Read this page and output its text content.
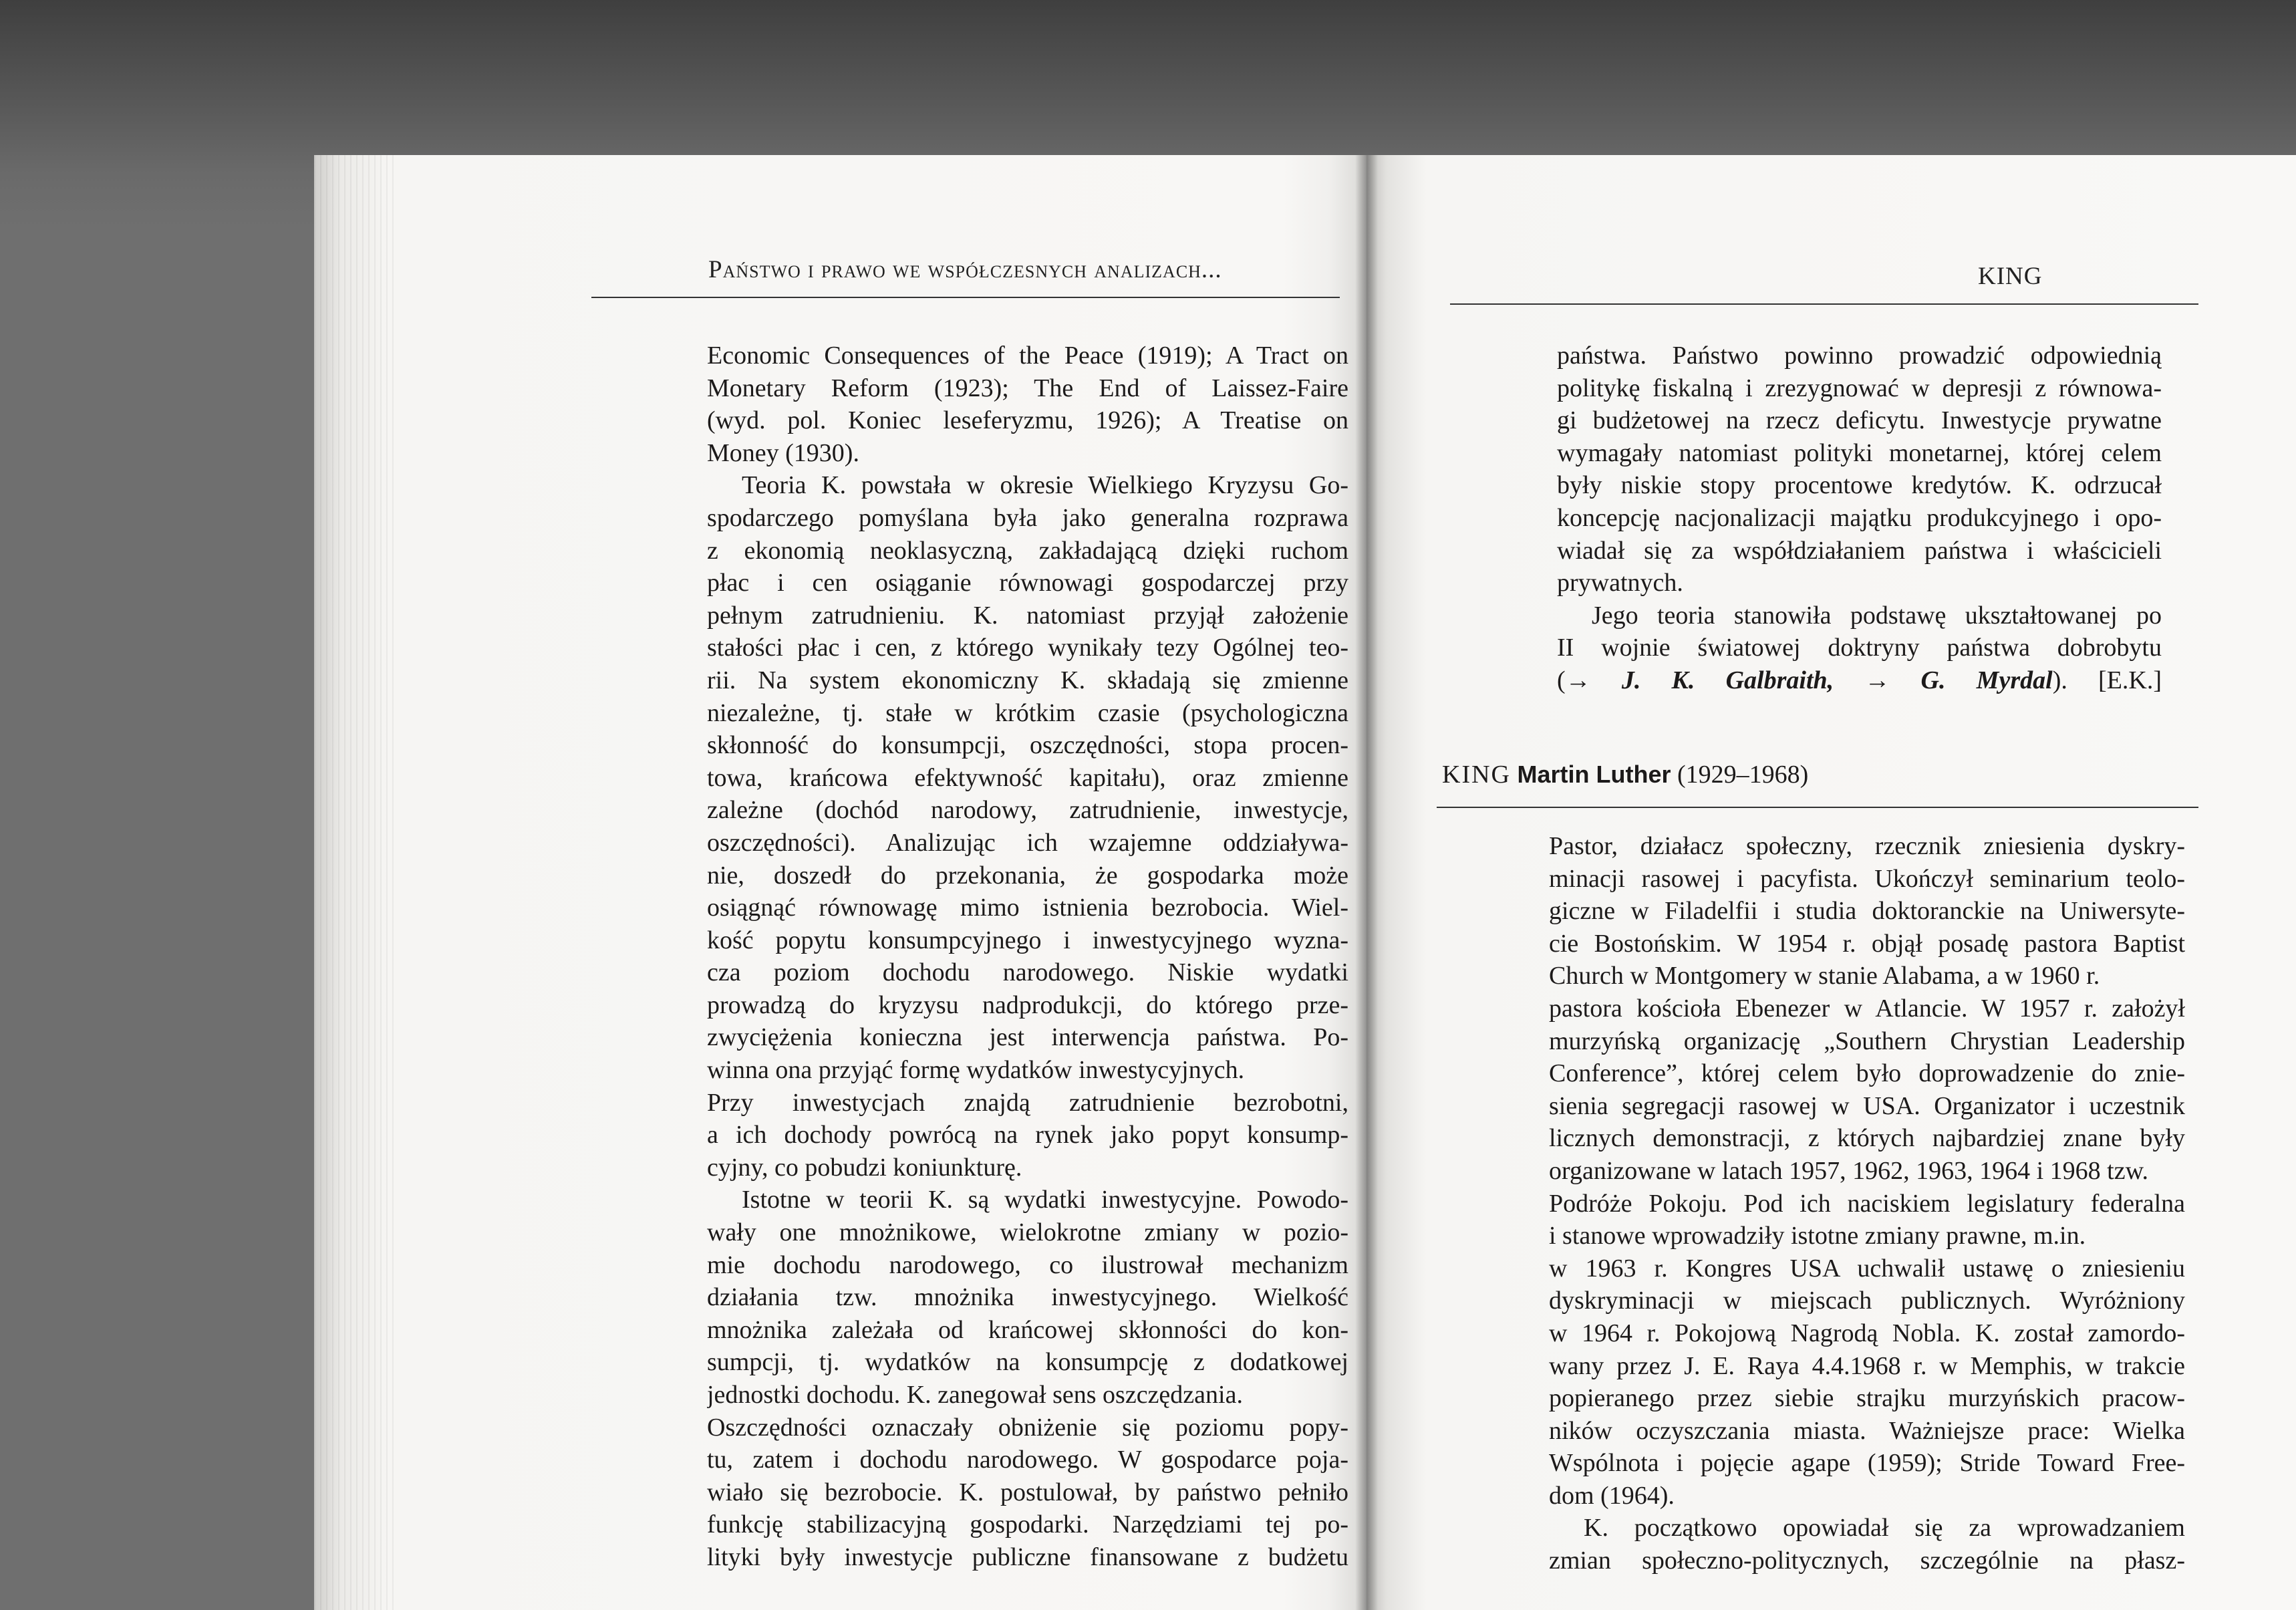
Państwo i prawo we współczesnych analizach...

Economic Consequences of the Peace (1919); A Tract on

Monetary Reform (1923); The End of Laissez-Faire

(wyd. pol. Koniec leseferyzmu, 1926); A Treatise on

Money (1930).

Teoria K. powstała w okresie Wielkiego Kryzysu Go-

spodarczego pomyślana była jako generalna rozprawa

z ekonomią neoklasyczną, zakładającą dzięki ruchom

płac i cen osiąganie równowagi gospodarczej przy

pełnym zatrudnieniu. K. natomiast przyjął założenie

stałości płac i cen, z którego wynikały tezy Ogólnej teo-

rii. Na system ekonomiczny K. składają się zmienne

niezależne, tj. stałe w krótkim czasie (psychologiczna

skłonność do konsumpcji, oszczędności, stopa procen-

towa, krańcowa efektywność kapitału), oraz zmienne

zależne (dochód narodowy, zatrudnienie, inwestycje,

oszczędności). Analizując ich wzajemne oddziaływa-

nie, doszedł do przekonania, że gospodarka może

osiągnąć równowagę mimo istnienia bezrobocia. Wiel-

kość popytu konsumpcyjnego i inwestycyjnego wyzna-

cza poziom dochodu narodowego. Niskie wydatki

prowadzą do kryzysu nadprodukcji, do którego prze-

zwyciężenia konieczna jest interwencja państwa. Po-

winna ona przyjąć formę wydatków inwestycyjnych.

Przy inwestycjach znajdą zatrudnienie bezrobotni,

a ich dochody powrócą na rynek jako popyt konsump-

cyjny, co pobudzi koniunkturę.

Istotne w teorii K. są wydatki inwestycyjne. Powodo-

wały one mnożnikowe, wielokrotne zmiany w pozio-

mie dochodu narodowego, co ilustrował mechanizm

działania tzw. mnożnika inwestycyjnego. Wielkość

mnożnika zależała od krańcowej skłonności do kon-

sumpcji, tj. wydatków na konsumpcję z dodatkowej

jednostki dochodu. K. zanegował sens oszczędzania.

Oszczędności oznaczały obniżenie się poziomu popy-

tu, zatem i dochodu narodowego. W gospodarce poja-

wiało się bezrobocie. K. postulował, by państwo pełniło

funkcję stabilizacyjną gospodarki. Narzędziami tej po-

lityki były inwestycje publiczne finansowane z budżetu

KING

państwa. Państwo powinno prowadzić odpowiednią

politykę fiskalną i zrezygnować w depresji z równowa-

gi budżetowej na rzecz deficytu. Inwestycje prywatne

wymagały natomiast polityki monetarnej, której celem

były niskie stopy procentowe kredytów. K. odrzucał

koncepcję nacjonalizacji majątku produkcyjnego i opo-

wiadał się za współdziałaniem państwa i właścicieli

prywatnych.

Jego teoria stanowiła podstawę ukształtowanej po

II wojnie światowej doktryny państwa dobrobytu

(→ J. K. Galbraith, → G. Myrdal). [E.K.]

KING Martin Luther (1929–1968)

Pastor, działacz społeczny, rzecznik zniesienia dyskry-

minacji rasowej i pacyfista. Ukończył seminarium teolo-

giczne w Filadelfii i studia doktoranckie na Uniwersyte-

cie Bostońskim. W 1954 r. objął posadę pastora Baptist

Church w Montgomery w stanie Alabama, a w 1960 r.

pastora kościoła Ebenezer w Atlancie. W 1957 r. założył

murzyńską organizację „Southern Chrystian Leadership

Conference”, której celem było doprowadzenie do znie-

sienia segregacji rasowej w USA. Organizator i uczestnik

licznych demonstracji, z których najbardziej znane były

organizowane w latach 1957, 1962, 1963, 1964 i 1968 tzw.

Podróże Pokoju. Pod ich naciskiem legislatury federalna

i stanowe wprowadziły istotne zmiany prawne, m.in.

w 1963 r. Kongres USA uchwalił ustawę o zniesieniu

dyskryminacji w miejscach publicznych. Wyróżniony

w 1964 r. Pokojową Nagrodą Nobla. K. został zamordo-

wany przez J. E. Raya 4.4.1968 r. w Memphis, w trakcie

popieranego przez siebie strajku murzyńskich pracow-

ników oczyszczania miasta. Ważniejsze prace: Wielka

Wspólnota i pojęcie agape (1959); Stride Toward Free-

dom (1964).

K. początkowo opowiadał się za wprowadzaniem

zmian społeczno-politycznych, szczególnie na płasz-
